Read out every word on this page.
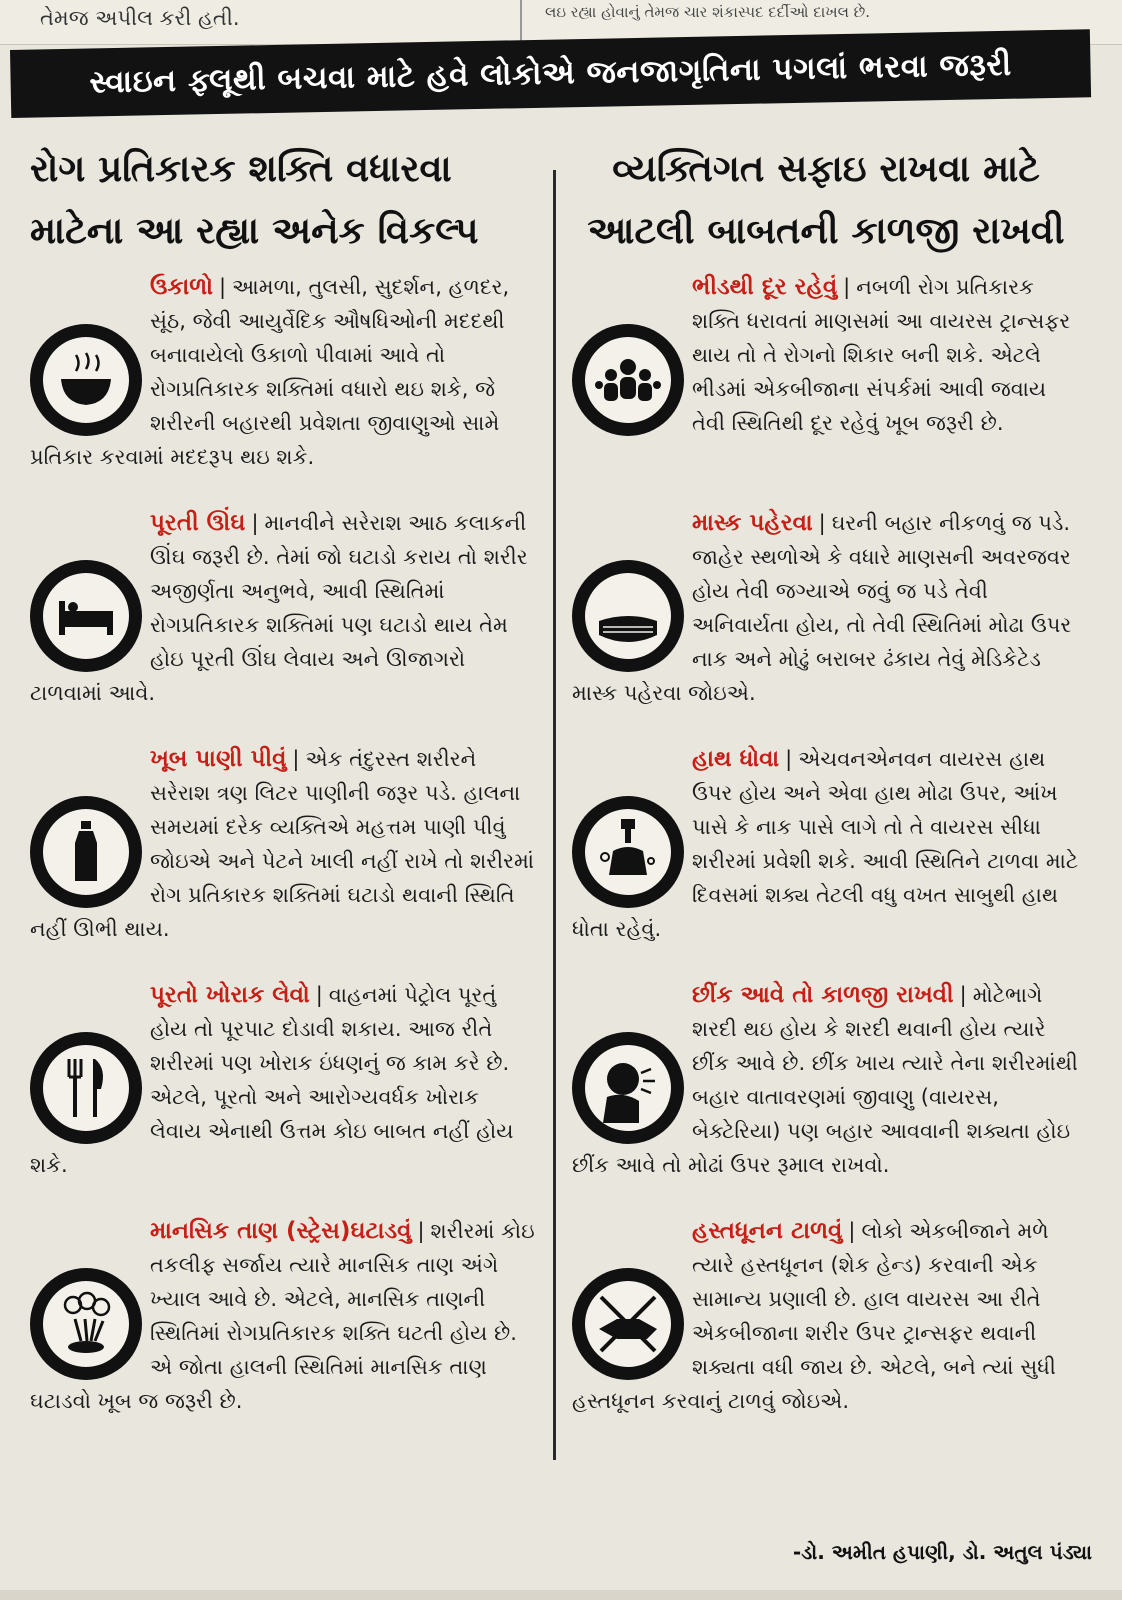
તેમજ અપીલ કરી હતી.	લઇ રહ્યા હોવાનું તેમજ ચાર શંકાસ્પદ દર્દીઓ દાખલ છે.
સ્વાઇન ફ્લૂથી બચવા માટે હવે લોકોએ જનજાગૃતિના પગલાં ભરવા જરૂરી
રોગ પ્રતિકારક શક્તિ વધારવા
માટેના આ રહ્યા અનેક વિકલ્પ
ઉકાળો | આમળા, તુલસી, સુદર્શન, હળદર, સૂંઠ, જેવી આયુર્વેદિક ઔષધિઓની મદદથી બનાવાયેલો ઉકાળો પીવામાં આવે તો રોગપ્રતિકારક શક્તિમાં વધારો થઇ શકે, જે શરીરની બહારથી પ્રવેશતા જીવાણુઓ સામે પ્રતિકાર કરવામાં મદદરૂપ થઇ શકે.
પૂરતી ઊંઘ | માનવીને સરેરાશ આઠ કલાકની ઊંઘ જરૂરી છે. તેમાં જો ઘટાડો કરાય તો શરીર અજીર્ણતા અનુભવે, આવી સ્થિતિમાં રોગપ્રતિકારક શક્તિમાં પણ ઘટાડો થાય તેમ હોઇ પૂરતી ઊંઘ લેવાય અને ઊજાગરો ટાળવામાં આવે.
ખૂબ પાણી પીવું | એક તંદુરસ્ત શરીરને સરેરાશ ત્રણ લિટર પાણીની જરૂર પડે. હાલના સમયમાં દરેક વ્યક્તિએ મહત્તમ પાણી પીવું જોઇએ અને પેટને ખાલી નહીં રાખે તો શરીરમાં રોગ પ્રતિકારક શક્તિમાં ઘટાડો થવાની સ્થિતિ નહીં ઊભી થાય.
પૂરતો ખોરાક લેવો | વાહનમાં પેટ્રોલ પૂરતું હોય તો પૂરપાટ દોડાવી શકાય. આજ રીતે શરીરમાં પણ ખોરાક ઇંધણનું જ કામ કરે છે. એટલે, પૂરતો અને આરોગ્યવર્ધક ખોરાક લેવાય એનાથી ઉત્તમ કોઇ બાબત નહીં હોય શકે.
માનસિક તાણ (સ્ટ્રેસ)ઘટાડવું | શરીરમાં કોઇ તકલીફ સર્જાય ત્યારે માનસિક તાણ અંગે ખ્યાલ આવે છે. એટલે, માનસિક તાણની સ્થિતિમાં રોગપ્રતિકારક શક્તિ ઘટતી હોય છે. એ જોતા હાલની સ્થિતિમાં માનસિક તાણ ઘટાડવો ખૂબ જ જરૂરી છે.
વ્યક્તિગત સફાઇ રાખવા માટે
આટલી બાબતની કાળજી રાખવી
ભીડથી દૂર રહેવું | નબળી રોગ પ્રતિકારક શક્તિ ધરાવતાં માણસમાં આ વાયરસ ટ્રાન્સફર થાય તો તે રોગનો શિકાર બની શકે. એટલે ભીડમાં એકબીજાના સંપર્કમાં આવી જવાય તેવી સ્થિતિથી દૂર રહેવું ખૂબ જરૂરી છે.
માસ્ક પહેરવા | ઘરની બહાર નીકળવું જ પડે. જાહેર સ્થળોએ કે વધારે માણસની અવરજવર હોય તેવી જગ્યાએ જવું જ પડે તેવી અનિવાર્યતા હોય, તો તેવી સ્થિતિમાં મોઢા ઉપર નાક અને મોઢું બરાબર ઢંકાય તેવું મેડિકેટેડ માસ્ક પહેરવા જોઇએ.
હાથ ધોવા | એચવનએનવન વાયરસ હાથ ઉપર હોય અને એવા હાથ મોઢા ઉપર, આંખ પાસે કે નાક પાસે લાગે તો તે વાયરસ સીધા શરીરમાં પ્રવેશી શકે. આવી સ્થિતિને ટાળવા માટે દિવસમાં શક્ય તેટલી વધુ વખત સાબુથી હાથ ધોતા રહેવું.
છીંક આવે તો કાળજી રાખવી | મોટેભાગે શરદી થઇ હોય કે શરદી થવાની હોય ત્યારે છીંક આવે છે. છીંક ખાય ત્યારે તેના શરીરમાંથી બહાર વાતાવરણમાં જીવાણુ (વાયરસ, બેક્ટેરિયા) પણ બહાર આવવાની શક્યતા હોઇ છીંક આવે તો મોઢાં ઉપર રૂમાલ રાખવો.
હસ્તધૂનન ટાળવું | લોકો એકબીજાને મળે ત્યારે હસ્તધૂનન (શેક હેન્ડ) કરવાની એક સામાન્ય પ્રણાલી છે. હાલ વાયરસ આ રીતે એકબીજાના શરીર ઉપર ટ્રાન્સફર થવાની શક્યતા વધી જાય છે. એટલે, બને ત્યાં સુધી હસ્તધૂનન કરવાનું ટાળવું જોઇએ.
-ડો. અમીત હપાણી, ડો. અતુલ પંડ્યા
